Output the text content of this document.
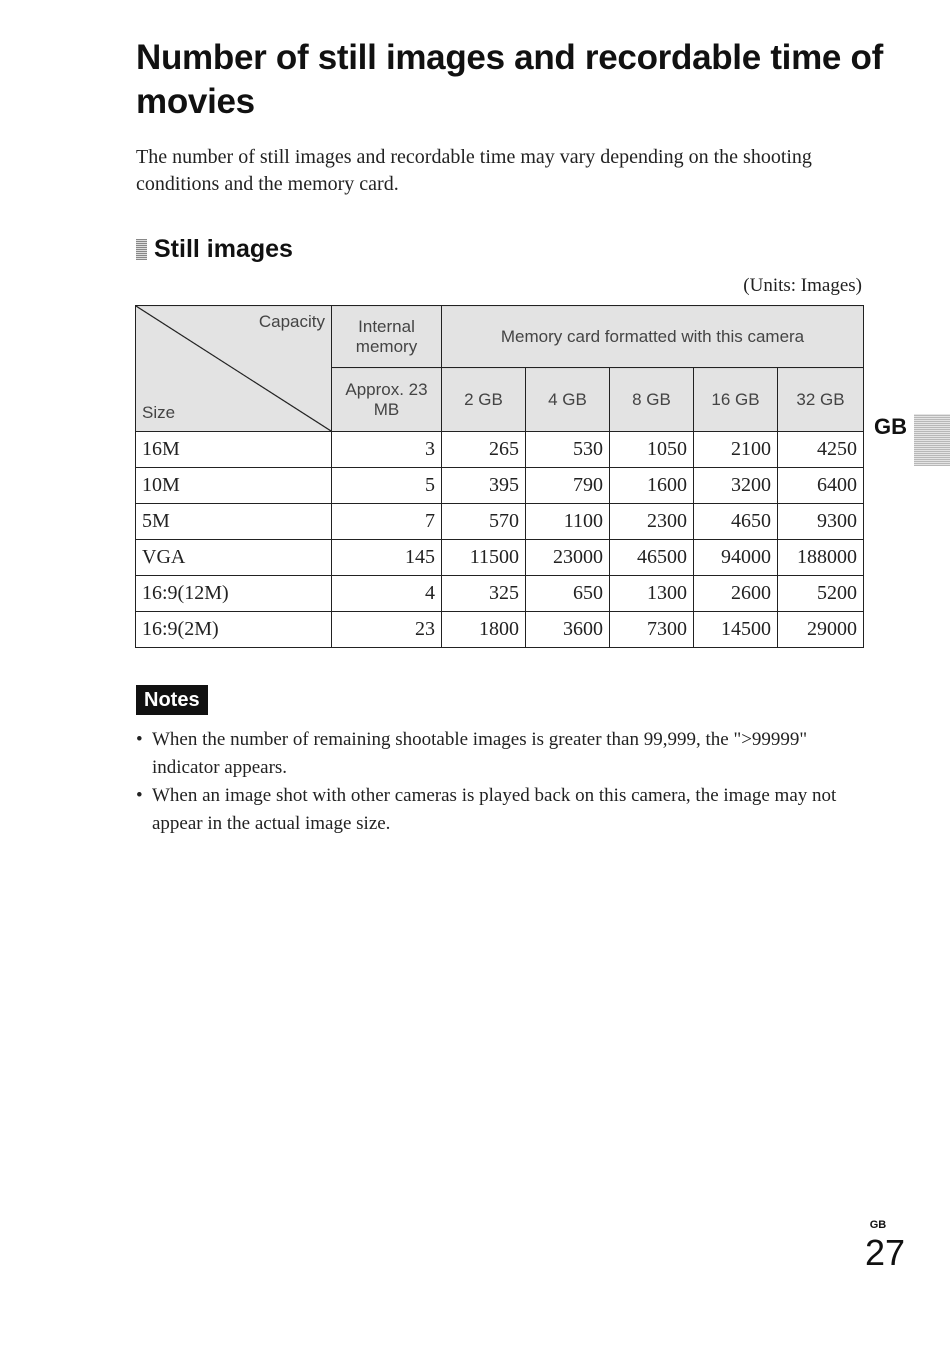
Number of still images and recordable time of movies
The number of still images and recordable time may vary depending on the shooting conditions and the memory card.
Still images
(Units: Images)
Capacity
Size	Internal memory	Memory card formatted with this camera				
	Approx. 23 MB	2 GB	4 GB	8 GB	16 GB	32 GB
16M	3	265	530	1050	2100	4250
10M	5	395	790	1600	3200	6400
5M	7	570	1100	2300	4650	9300
VGA	145	11500	23000	46500	94000	188000
16:9(12M)	4	325	650	1300	2600	5200
16:9(2M)	23	1800	3600	7300	14500	29000
GB
Notes
• When the number of remaining shootable images is greater than 99,999, the ">99999" indicator appears.
• When an image shot with other cameras is played back on this camera, the image may not appear in the actual image size.
GB
27
